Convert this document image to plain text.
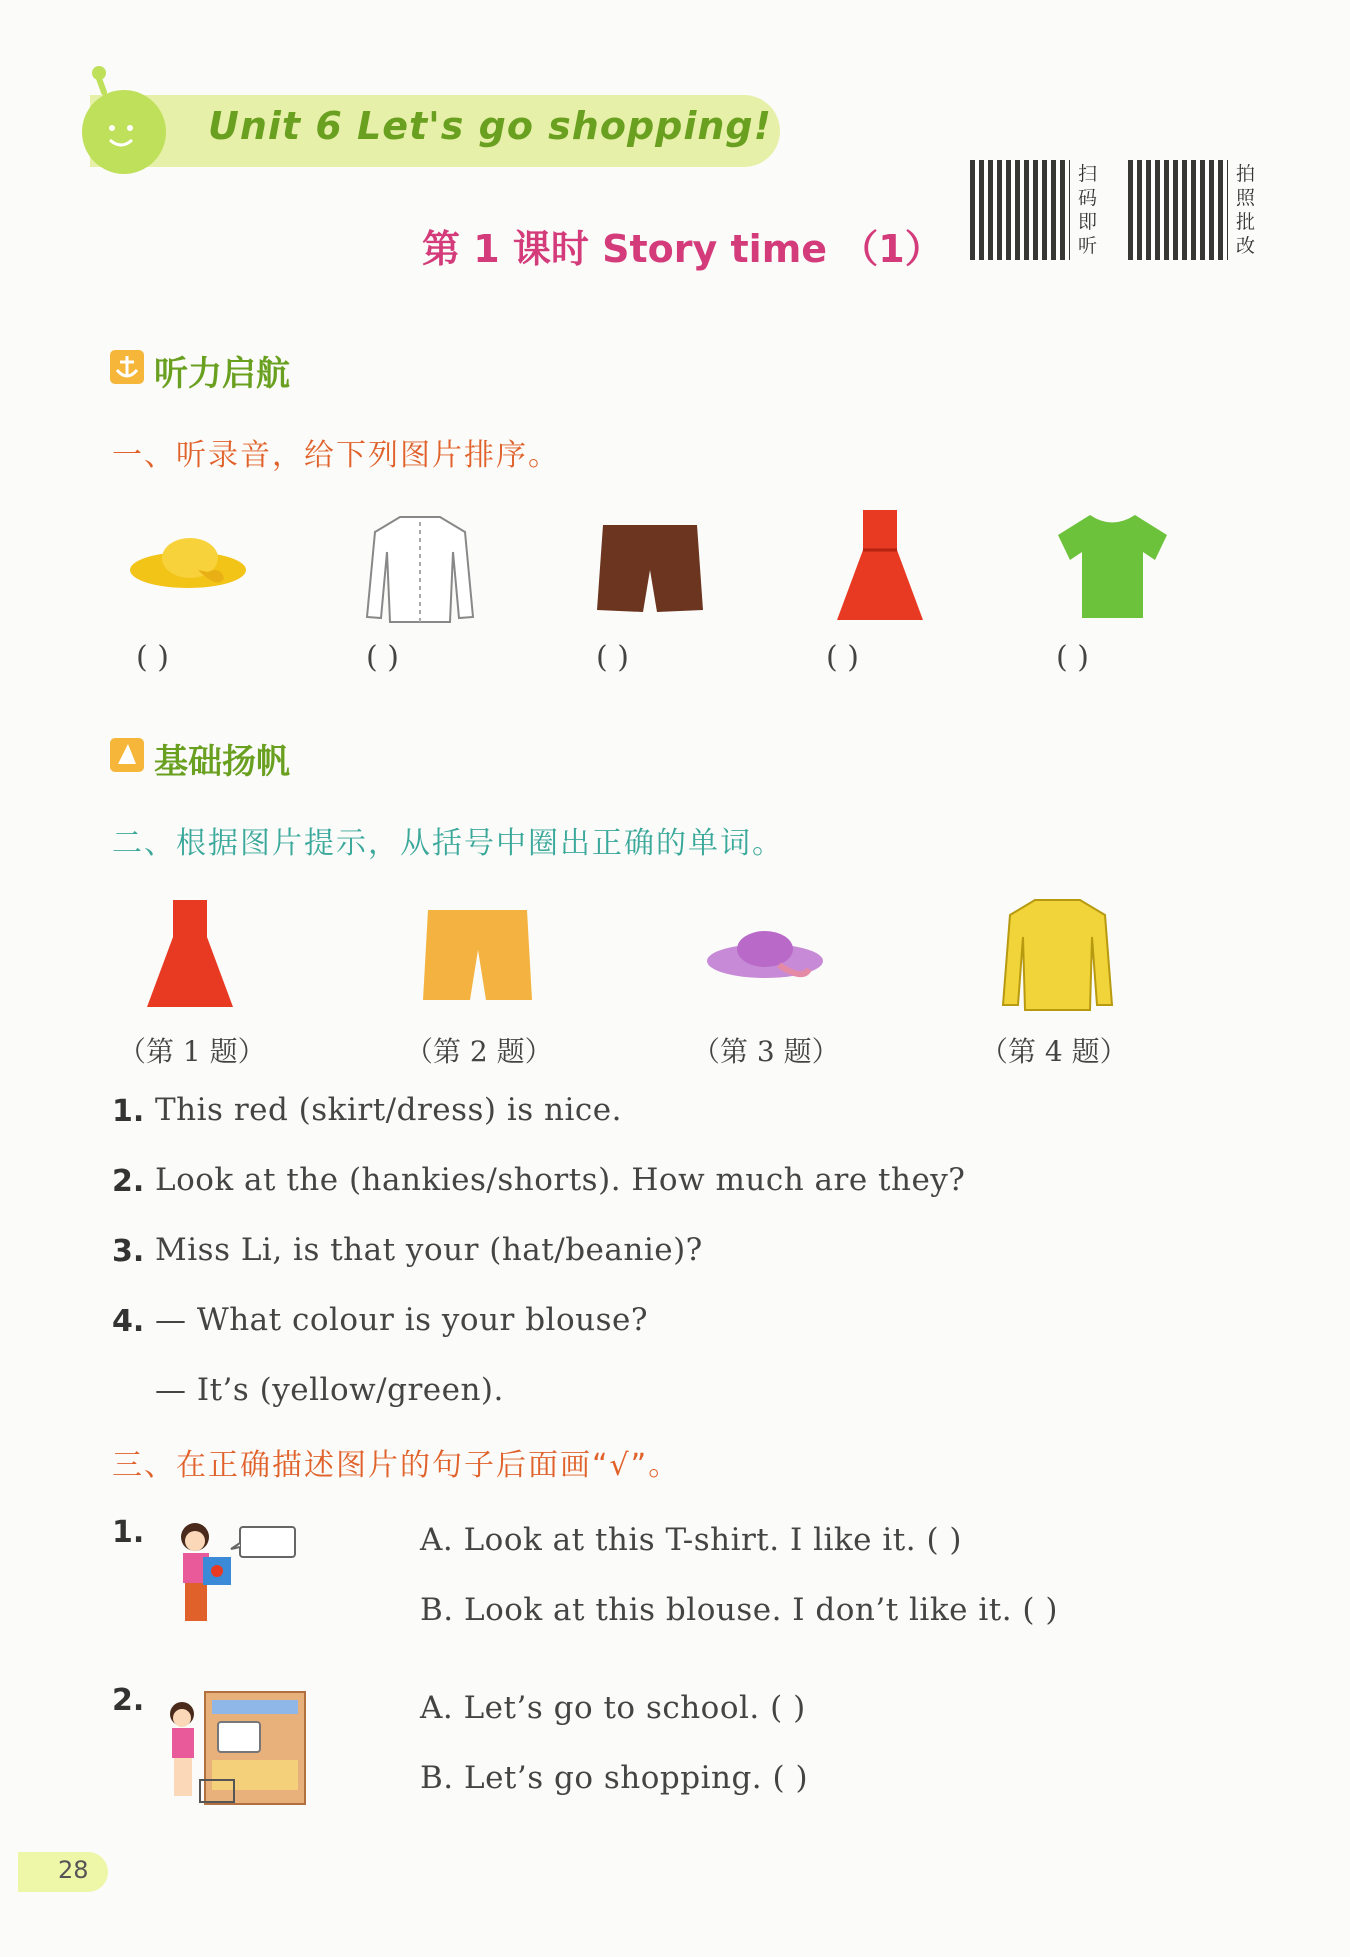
Unit 6 Let's go shopping!
第 1 课时 Story time （1）
扫码即听
拍照批改
听力启航
一、听录音，给下列图片排序。
( )	( )	( )	( )	( )
基础扬帆
二、根据图片提示，从括号中圈出正确的单词。
（第 1 题）	（第 2 题）	（第 3 题）	（第 4 题）
1. This red (skirt/dress) is nice.
2. Look at the (hankies/shorts). How much are they?
3. Miss Li, is that your (hat/beanie)?
4. — What colour is your blouse?
— It’s (yellow/green).
三、在正确描述图片的句子后面画“√”。
1.	A. Look at this T-shirt. I like it. ( )
B. Look at this blouse. I don’t like it. ( )
2.	A. Let’s go to school. ( )
B. Let’s go shopping. ( )
28
